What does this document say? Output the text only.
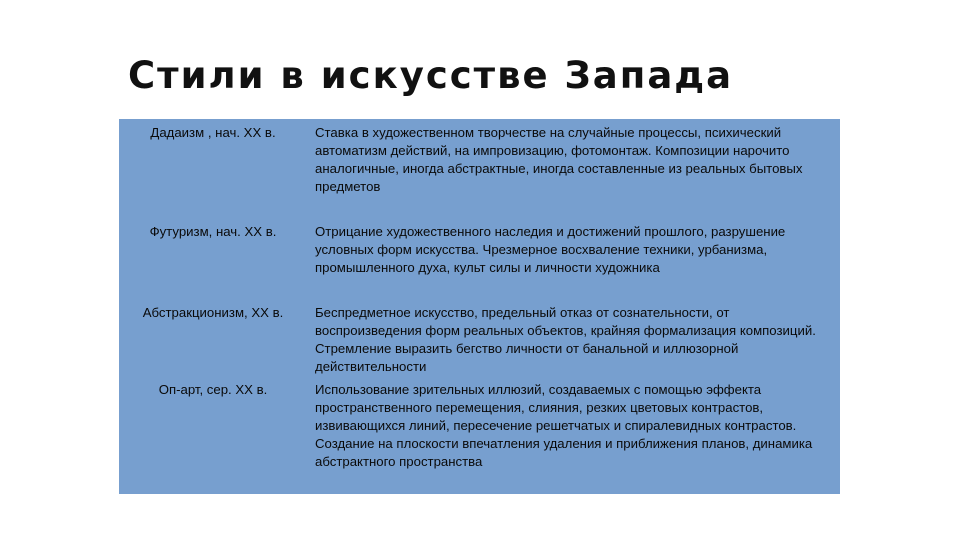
Стили в искусстве Запада
Дадаизм , нач. ХХ в.	Ставка в художественном творчестве на случайные процессы, психический автоматизм действий, на импровизацию, фотомонтаж. Композиции нарочито аналогичные, иногда абстрактные, иногда составленные из реальных бытовых предметов
Футуризм, нач. ХХ в.	Отрицание художественного наследия и достижений прошлого, разрушение условных форм искусства. Чрезмерное восхваление техники, урбанизма, промышленного духа, культ силы и личности художника
Абстракционизм, ХХ в.	Беспредметное искусство, предельный отказ от сознательности, от воспроизведения форм реальных объектов, крайняя формализация композиций. Стремление выразить бегство личности от банальной и иллюзорной действительности
Оп-арт, сер. ХХ в.	Использование зрительных иллюзий, создаваемых с помощью эффекта пространственного перемещения, слияния, резких цветовых контрастов, извивающихся линий, пересечение решетчатых и спиралевидных контрастов. Создание на плоскости впечатления удаления и приближения планов, динамика абстрактного пространства
